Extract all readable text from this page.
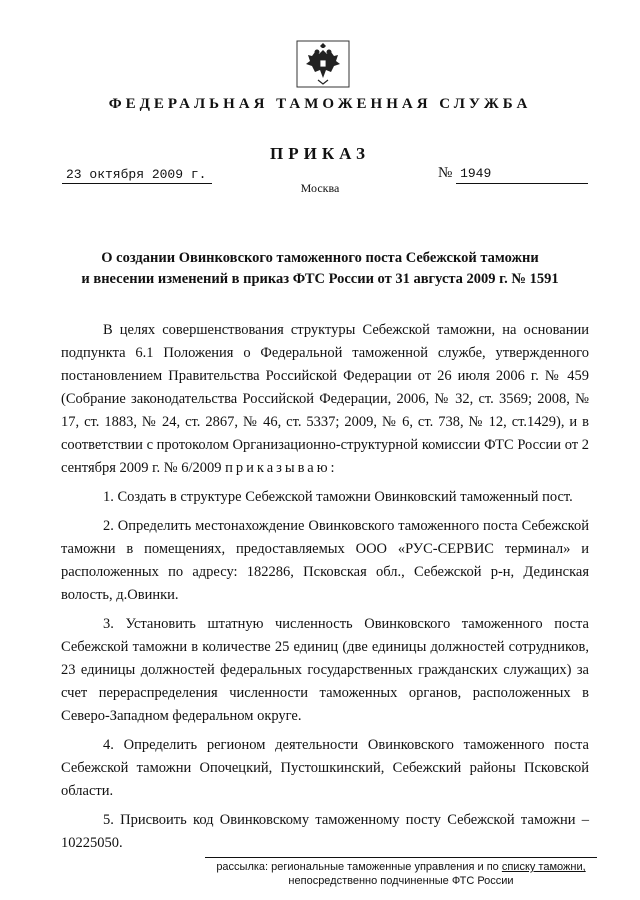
ФЕДЕРАЛЬНАЯ ТАМОЖЕННАЯ СЛУЖБА
ПРИКАЗ
23 октября 2009 г.	№ 1949
Москва
О создании Овинковского таможенного поста Себежской таможни
и внесении изменений в приказ ФТС России от 31 августа 2009 г. № 1591

В целях совершенствования структуры Себежской таможни, на основании подпункта 6.1 Положения о Федеральной таможенной службе, утвержденного постановлением Правительства Российской Федерации от 26 июля 2006 г. № 459 (Собрание законодательства Российской Федерации, 2006, № 32, ст. 3569; 2008, № 17, ст. 1883, № 24, ст. 2867, № 46, ст. 5337; 2009, № 6, ст. 738, № 12, ст.1429), и в соответствии с протоколом Организационно-структурной комиссии ФТС России от 2 сентября 2009 г. № 6/2009 приказываю:

1. Создать в структуре Себежской таможни Овинковский таможенный пост.

2. Определить местонахождение Овинковского таможенного поста Себежской таможни в помещениях, предоставляемых ООО «РУС-СЕРВИС терминал» и расположенных по адресу: 182286, Псковская обл., Себежской р-н, Дединская волость, д.Овинки.

3. Установить штатную численность Овинковского таможенного поста Себежской таможни в количестве 25 единиц (две единицы должностей сотрудников, 23 единицы должностей федеральных государственных гражданских служащих) за счет перераспределения численности таможенных органов, расположенных в Северо-Западном федеральном округе.

4. Определить регионом деятельности Овинковского таможенного поста Себежской таможни Опочецкий, Пустошкинский, Себежский районы Псковской области.

5. Присвоить код Овинковскому таможенному посту Себежской таможни – 10225050.

рассылка: региональные таможенные управления и по списку таможни,
непосредственно подчиненные ФТС России
